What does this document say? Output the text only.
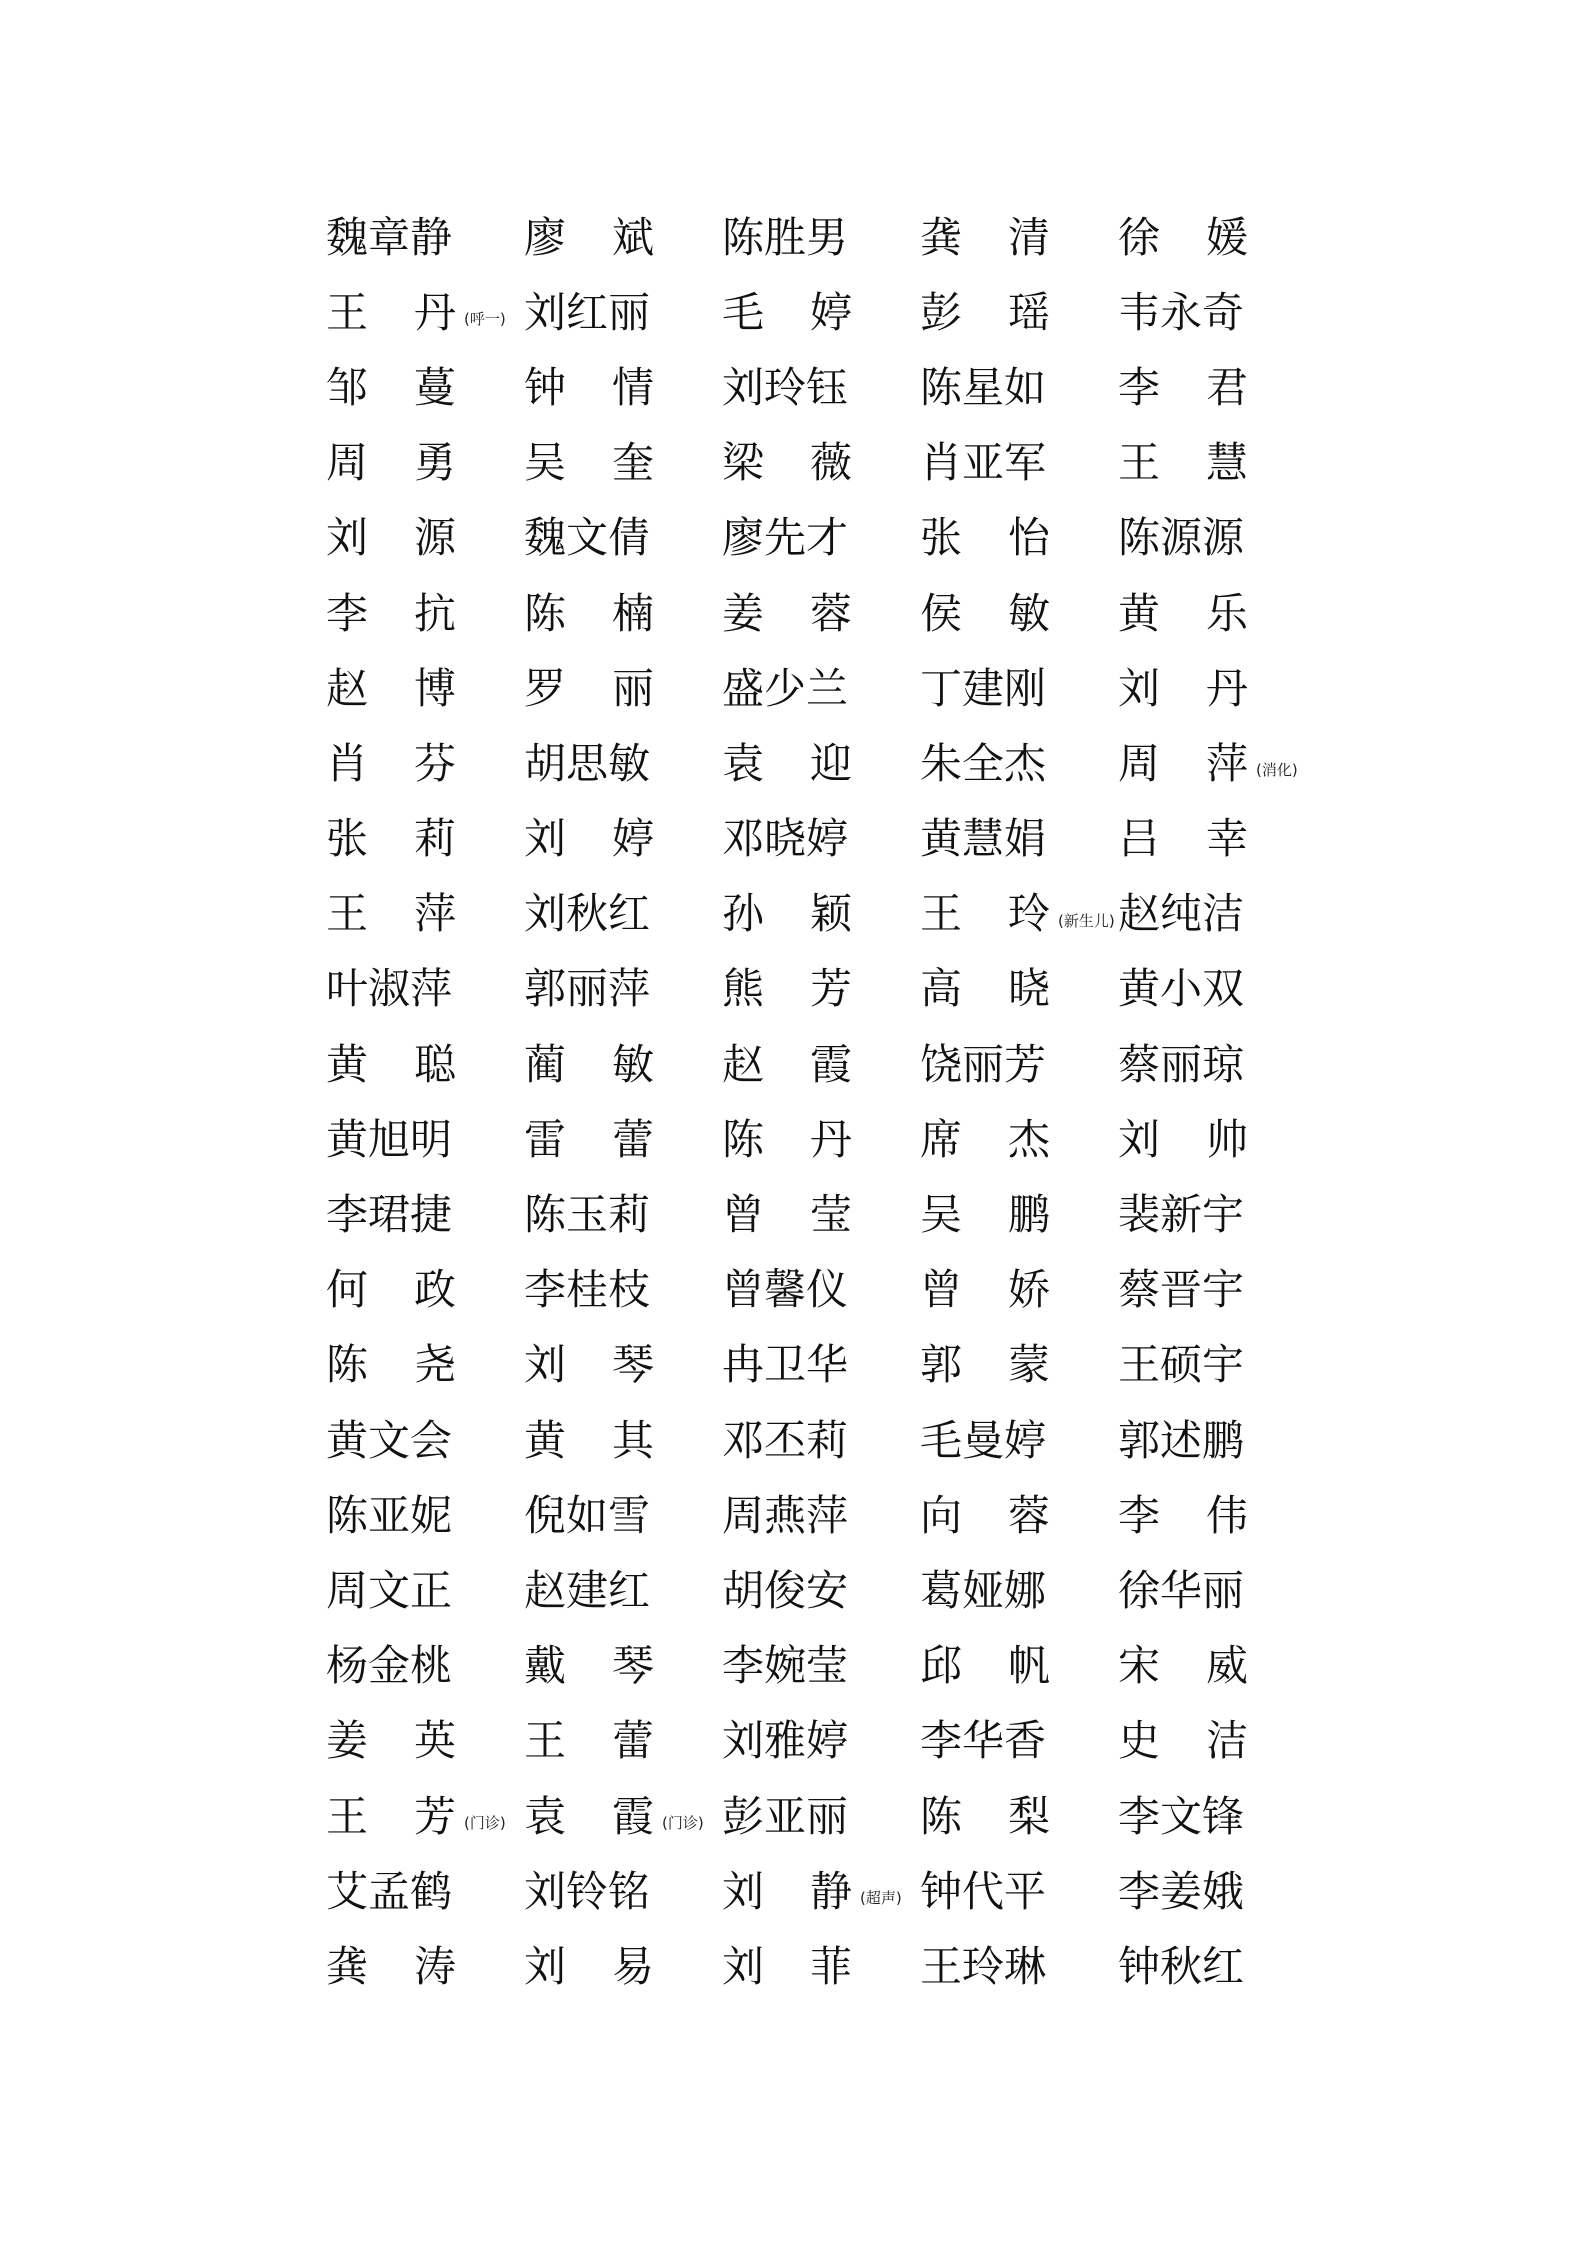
魏章静 廖 斌 陈胜男 龚 清 徐 媛
王 丹 (呼一) 刘红丽 毛 婷 彭 瑶 韦永奇
邹 蔓 钟 情 刘玲钰 陈星如 李 君
周 勇 吴 奎 梁 薇 肖亚军 王 慧
刘 源 魏文倩 廖先才 张 怡 陈源源
李 抗 陈 楠 姜 蓉 侯 敏 黄 乐
赵 博 罗 丽 盛少兰 丁建刚 刘 丹
肖 芬 胡思敏 袁 迎 朱全杰 周 萍 (消化)
张 莉 刘 婷 邓晓婷 黄慧娟 吕 幸
王 萍 刘秋红 孙 颖 王 玲 (新生儿) 赵纯洁
叶淑萍 郭丽萍 熊 芳 高 晓 黄小双
黄 聪 蔺 敏 赵 霞 饶丽芳 蔡丽琼
黄旭明 雷 蕾 陈 丹 席 杰 刘 帅
李珺捷 陈玉莉 曾 莹 吴 鹏 裴新宇
何 政 李桂枝 曾馨仪 曾 娇 蔡晋宇
陈 尧 刘 琴 冉卫华 郭 蒙 王硕宇
黄文会 黄 其 邓丕莉 毛曼婷 郭述鹏
陈亚妮 倪如雪 周燕萍 向 蓉 李 伟
周文正 赵建红 胡俊安 葛娅娜 徐华丽
杨金桃 戴 琴 李婉莹 邱 帆 宋 威
姜 英 王 蕾 刘雅婷 李华香 史 洁
王 芳 (门诊) 袁 霞 (门诊) 彭亚丽 陈 梨 李文锋
艾孟鹤 刘铃铭 刘 静 (超声) 钟代平 李姜娥
龚 涛 刘 易 刘 菲 王玲琳 钟秋红
